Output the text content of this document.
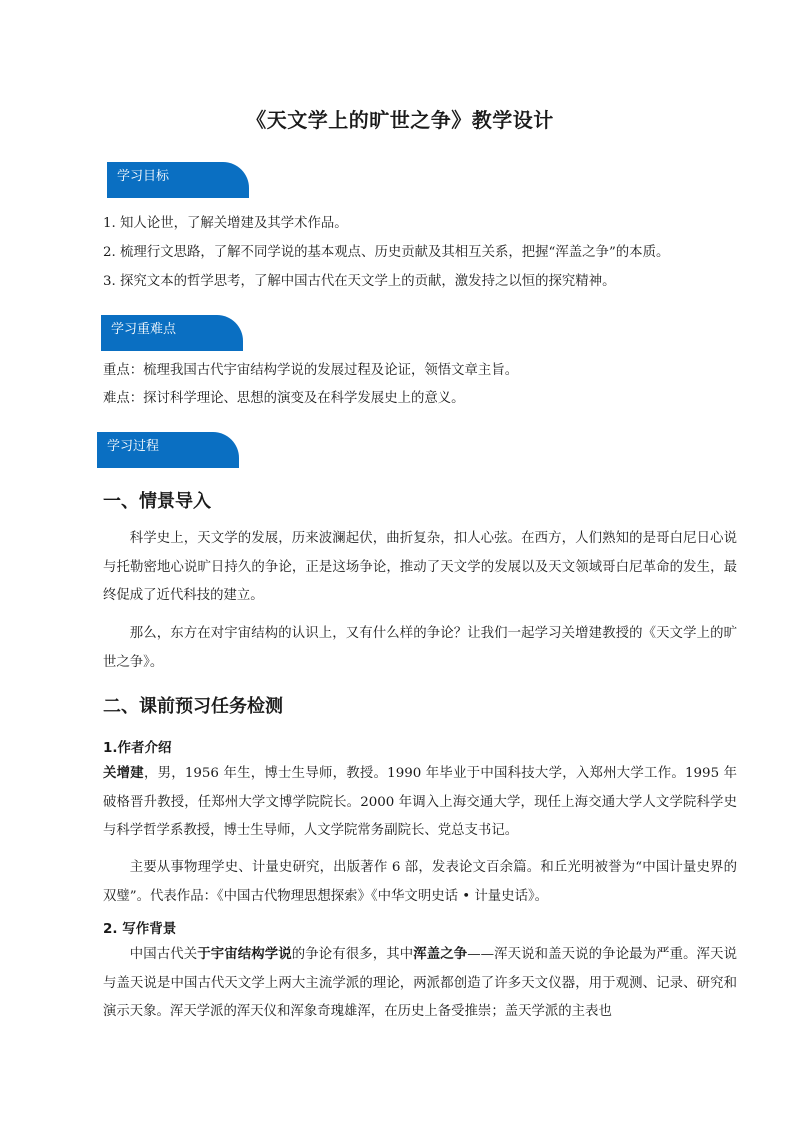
《天文学上的旷世之争》教学设计
学习目标

1. 知人论世，了解关增建及其学术作品。

2. 梳理行文思路，了解不同学说的基本观点、历史贡献及其相互关系，把握“浑盖之争”的本质。

3. 探究文本的哲学思考，了解中国古代在天文学上的贡献，激发持之以恒的探究精神。

学习重难点

重点：梳理我国古代宇宙结构学说的发展过程及论证，领悟文章主旨。

难点：探讨科学理论、思想的演变及在科学发展史上的意义。

学习过程
一、情景导入

科学史上，天文学的发展，历来波澜起伏，曲折复杂，扣人心弦。在西方，人们熟知的是哥白尼日心说与托勒密地心说旷日持久的争论，正是这场争论，推动了天文学的发展以及天文领域哥白尼革命的发生，最终促成了近代科技的建立。

那么，东方在对宇宙结构的认识上，又有什么样的争论？让我们一起学习关增建教授的《天文学上的旷世之争》。

二、课前预习任务检测
1.作者介绍

关增建，男，1956 年生，博士生导师，教授。1990 年毕业于中国科技大学，入郑州大学工作。1995 年破格晋升教授，任郑州大学文博学院院长。2000 年调入上海交通大学，现任上海交通大学人文学院科学史与科学哲学系教授，博士生导师，人文学院常务副院长、党总支书记。

主要从事物理学史、计量史研究，出版著作 6 部，发表论文百余篇。和丘光明被誉为“中国计量史界的双璧”。代表作品：《中国古代物理思想探索》《中华文明史话 • 计量史话》。

2. 写作背景

中国古代关于宇宙结构学说的争论有很多，其中浑盖之争——浑天说和盖天说的争论最为严重。浑天说与盖天说是中国古代天文学上两大主流学派的理论，两派都创造了许多天文仪器，用于观测、记录、研究和演示天象。浑天学派的浑天仪和浑象奇瑰雄浑，在历史上备受推崇；盖天学派的主表也
